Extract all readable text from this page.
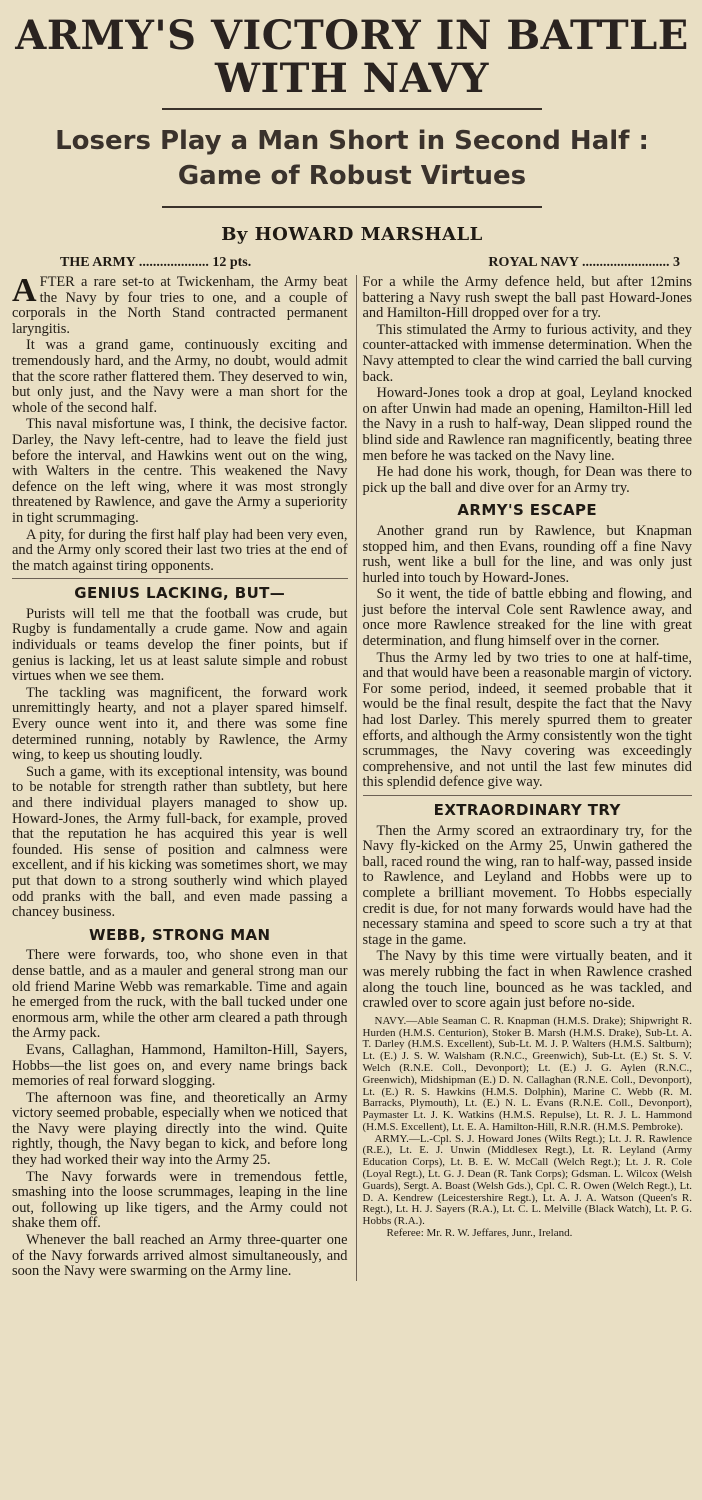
ARMY'S VICTORY IN BATTLE WITH NAVY
Losers Play a Man Short in Second Half : Game of Robust Virtues
By HOWARD MARSHALL
THE ARMY .................... 12 pts.	ROYAL NAVY ......................... 3

AFTER a rare set-to at Twickenham, the Army beat the Navy by four tries to one, and a couple of corporals in the North Stand contracted permanent laryngitis.

It was a grand game, continuously exciting and tremendously hard, and the Army, no doubt, would admit that the score rather flattered them. They deserved to win, but only just, and the Navy were a man short for the whole of the second half.

This naval misfortune was, I think, the decisive factor. Darley, the Navy left-centre, had to leave the field just before the interval, and Hawkins went out on the wing, with Walters in the centre. This weakened the Navy defence on the left wing, where it was most strongly threatened by Rawlence, and gave the Army a superiority in tight scrummaging.

A pity, for during the first half play had been very even, and the Army only scored their last two tries at the end of the match against tiring opponents.

GENIUS LACKING, BUT—

Purists will tell me that the football was crude, but Rugby is fundamentally a crude game. Now and again individuals or teams develop the finer points, but if genius is lacking, let us at least salute simple and robust virtues when we see them.

The tackling was magnificent, the forward work unremittingly hearty, and not a player spared himself. Every ounce went into it, and there was some fine determined running, notably by Rawlence, the Army wing, to keep us shouting loudly.

Such a game, with its exceptional intensity, was bound to be notable for strength rather than subtlety, but here and there individual players managed to show up. Howard-Jones, the Army full-back, for example, proved that the reputation he has acquired this year is well founded. His sense of position and calmness were excellent, and if his kicking was sometimes short, we may put that down to a strong southerly wind which played odd pranks with the ball, and even made passing a chancey business.

WEBB, STRONG MAN

There were forwards, too, who shone even in that dense battle, and as a mauler and general strong man our old friend Marine Webb was remarkable. Time and again he emerged from the ruck, with the ball tucked under one enormous arm, while the other arm cleared a path through the Army pack.

Evans, Callaghan, Hammond, Hamilton-Hill, Sayers, Hobbs—the list goes on, and every name brings back memories of real forward slogging.

The afternoon was fine, and theoretically an Army victory seemed probable, especially when we noticed that the Navy were playing directly into the wind. Quite rightly, though, the Navy began to kick, and before long they had worked their way into the Army 25.

The Navy forwards were in tremendous fettle, smashing into the loose scrummages, leaping in the line out, following up like tigers, and the Army could not shake them off.

Whenever the ball reached an Army three-quarter one of the Navy forwards arrived almost simultaneously, and soon the Navy were swarming on the Army line.

For a while the Army defence held, but after 12mins battering a Navy rush swept the ball past Howard-Jones and Hamilton-Hill dropped over for a try.

This stimulated the Army to furious activity, and they counter-attacked with immense determination. When the Navy attempted to clear the wind carried the ball curving back.

Howard-Jones took a drop at goal, Leyland knocked on after Unwin had made an opening, Hamilton-Hill led the Navy in a rush to half-way, Dean slipped round the blind side and Rawlence ran magnificently, beating three men before he was tacked on the Navy line.

He had done his work, though, for Dean was there to pick up the ball and dive over for an Army try.

ARMY'S ESCAPE

Another grand run by Rawlence, but Knapman stopped him, and then Evans, rounding off a fine Navy rush, went like a bull for the line, and was only just hurled into touch by Howard-Jones.

So it went, the tide of battle ebbing and flowing, and just before the interval Cole sent Rawlence away, and once more Rawlence streaked for the line with great determination, and flung himself over in the corner.

Thus the Army led by two tries to one at half-time, and that would have been a reasonable margin of victory. For some period, indeed, it seemed probable that it would be the final result, despite the fact that the Navy had lost Darley. This merely spurred them to greater efforts, and although the Army consistently won the tight scrummages, the Navy covering was exceedingly comprehensive, and not until the last few minutes did this splendid defence give way.

EXTRAORDINARY TRY

Then the Army scored an extraordinary try, for the Navy fly-kicked on the Army 25, Unwin gathered the ball, raced round the wing, ran to half-way, passed inside to Rawlence, and Leyland and Hobbs were up to complete a brilliant movement. To Hobbs especially credit is due, for not many forwards would have had the necessary stamina and speed to score such a try at that stage in the game.

The Navy by this time were virtually beaten, and it was merely rubbing the fact in when Rawlence crashed along the touch line, bounced as he was tackled, and crawled over to score again just before no-side.

NAVY.—Able Seaman C. R. Knapman (H.M.S. Drake); Shipwright R. Hurden (H.M.S. Centurion), Stoker B. Marsh (H.M.S. Drake), Sub-Lt. A. T. Darley (H.M.S. Excellent), Sub-Lt. M. J. P. Walters (H.M.S. Saltburn); Lt. (E.) J. S. W. Walsham (R.N.C., Greenwich), Sub-Lt. (E.) St. S. V. Welch (R.N.E. Coll., Devonport); Lt. (E.) J. G. Aylen (R.N.C., Greenwich), Midshipman (E.) D. N. Callaghan (R.N.E. Coll., Devonport), Lt. (E.) R. S. Hawkins (H.M.S. Dolphin), Marine C. Webb (R. M. Barracks, Plymouth), Lt. (E.) N. L. Evans (R.N.E. Coll., Devonport), Paymaster Lt. J. K. Watkins (H.M.S. Repulse), Lt. R. J. L. Hammond (H.M.S. Excellent), Lt. E. A. Hamilton-Hill, R.N.R. (H.M.S. Pembroke).

ARMY.—L.-Cpl. S. J. Howard Jones (Wilts Regt.); Lt. J. R. Rawlence (R.E.), Lt. E. J. Unwin (Middlesex Regt.), Lt. R. Leyland (Army Education Corps), Lt. B. E. W. McCall (Welch Regt.); Lt. J. R. Cole (Loyal Regt.), Lt. G. J. Dean (R. Tank Corps); Gdsman. L. Wilcox (Welsh Guards), Sergt. A. Boast (Welsh Gds.), Cpl. C. R. Owen (Welch Regt.), Lt. D. A. Kendrew (Leicestershire Regt.), Lt. A. J. A. Watson (Queen's R. Regt.), Lt. H. J. Sayers (R.A.), Lt. C. L. Melville (Black Watch), Lt. P. G. Hobbs (R.A.).

Referee: Mr. R. W. Jeffares, Junr., Ireland.
